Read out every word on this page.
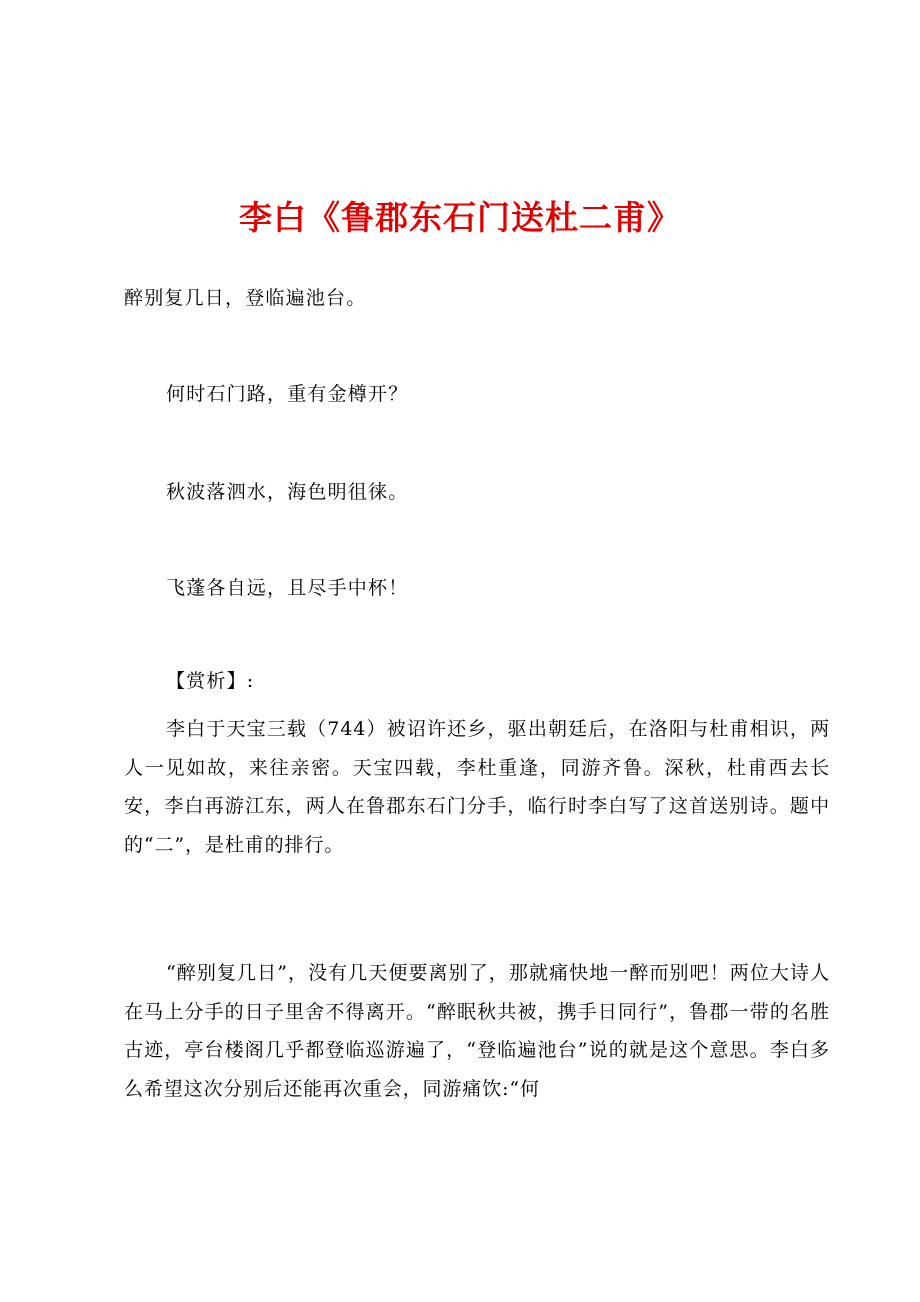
李白《鲁郡东石门送杜二甫》
醉别复几日，登临遍池台。
何时石门路，重有金樽开？
秋波落泗水，海色明徂徕。
飞蓬各自远，且尽手中杯！
【赏析】:
李白于天宝三载（744）被诏许还乡，驱出朝廷后，在洛阳与杜甫相识，两人一见如故，来往亲密。天宝四载，李杜重逢，同游齐鲁。深秋，杜甫西去长安，李白再游江东，两人在鲁郡东石门分手，临行时李白写了这首送别诗。题中的“二”，是杜甫的排行。
“醉别复几日”，没有几天便要离别了，那就痛快地一醉而别吧！两位大诗人在马上分手的日子里舍不得离开。“醉眠秋共被，携手日同行”，鲁郡一带的名胜古迹，亭台楼阁几乎都登临巡游遍了，“登临遍池台”说的就是这个意思。李白多么希望这次分别后还能再次重会，同游痛饮:“何
